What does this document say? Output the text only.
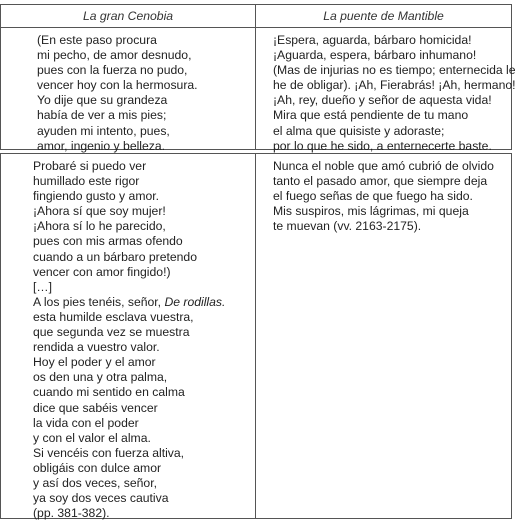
La gran Cenobia
(En este paso procura
mi pecho, de amor desnudo,
pues con la fuerza no pudo,
vencer hoy con la hermosura.
Yo dije que su grandeza
había de ver a mis pies;
ayuden mi intento, pues,
amor, ingenio y belleza.
La puente de Mantible
¡Espera, aguarda, bárbaro homicida!
¡Aguarda, espera, bárbaro inhumano!
(Mas de injurias no es tiempo; enternecida le
he de obligar). ¡Ah, Fierabrás! ¡Ah, hermano!
¡Ah, rey, dueño y señor de aquesta vida!
Mira que está pendiente de tu mano
el alma que quisiste y adoraste;
por lo que he sido, a enternecerte baste.
Probaré si puedo ver
humillado este rigor
fingiendo gusto y amor.
¡Ahora sí que soy mujer!
¡Ahora sí lo he parecido,
pues con mis armas ofendo
cuando a un bárbaro pretendo
vencer con amor fingido!)
[…]
A los pies tenéis, señor, De rodillas.
esta humilde esclava vuestra,
que segunda vez se muestra
rendida a vuestro valor.
Hoy el poder y el amor
os den una y otra palma,
cuando mi sentido en calma
dice que sabéis vencer
la vida con el poder
y con el valor el alma.
Si vencéis con fuerza altiva,
obligáis con dulce amor
y así dos veces, señor,
ya soy dos veces cautiva
(pp. 381-382).
Nunca el noble que amó cubrió de olvido
tanto el pasado amor, que siempre deja
el fuego señas de que fuego ha sido.
Mis suspiros, mis lágrimas, mi queja
te muevan (vv. 2163-2175).
